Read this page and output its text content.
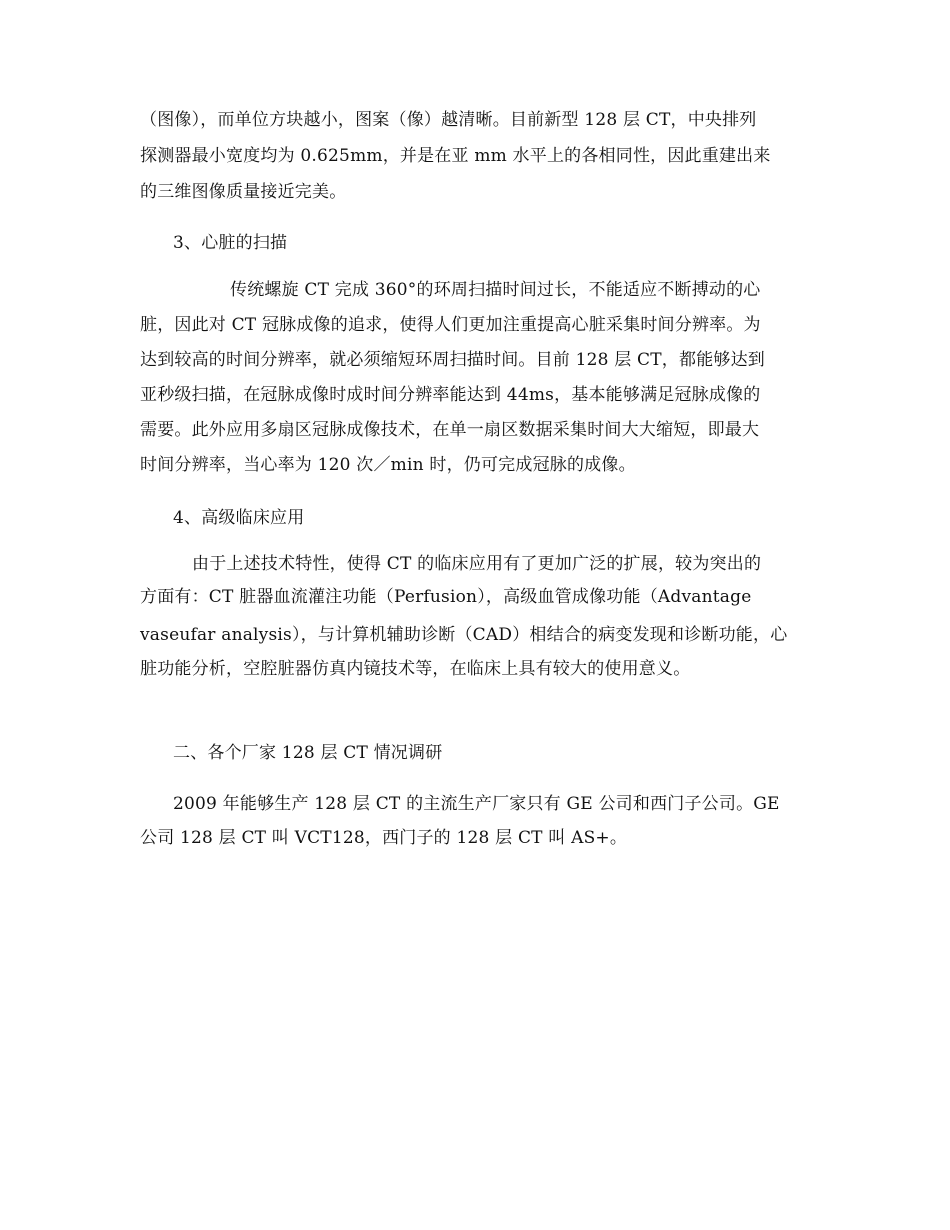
（图像），而单位方块越小，图案（像）越清晰。目前新型 128 层 CT，中央排列
探测器最小宽度均为 0.625mm，并是在亚 mm 水平上的各相同性，因此重建出来
的三维图像质量接近完美。
3、心脏的扫描
传统螺旋 CT 完成 360°的环周扫描时间过长，不能适应不断搏动的心
脏，因此对 CT 冠脉成像的追求，使得人们更加注重提高心脏采集时间分辨率。为
达到较高的时间分辨率，就必须缩短环周扫描时间。目前 128 层 CT，都能够达到
亚秒级扫描，在冠脉成像时成时间分辨率能达到 44ms，基本能够满足冠脉成像的
需要。此外应用多扇区冠脉成像技术，在单一扇区数据采集时间大大缩短，即最大
时间分辨率，当心率为 120 次／min 时，仍可完成冠脉的成像。
4、高级临床应用
由于上述技术特性，使得 CT 的临床应用有了更加广泛的扩展，较为突出的
方面有：CT 脏器血流灌注功能（Perfusion），高级血管成像功能（Advantage
vaseufar analysis），与计算机辅助诊断（CAD）相结合的病变发现和诊断功能，心
脏功能分析，空腔脏器仿真内镜技术等，在临床上具有较大的使用意义。
二、各个厂家 128 层 CT 情况调研
2009 年能够生产 128 层 CT 的主流生产厂家只有 GE 公司和西门子公司。GE
公司 128 层 CT 叫 VCT128，西门子的 128 层 CT 叫 AS+。
